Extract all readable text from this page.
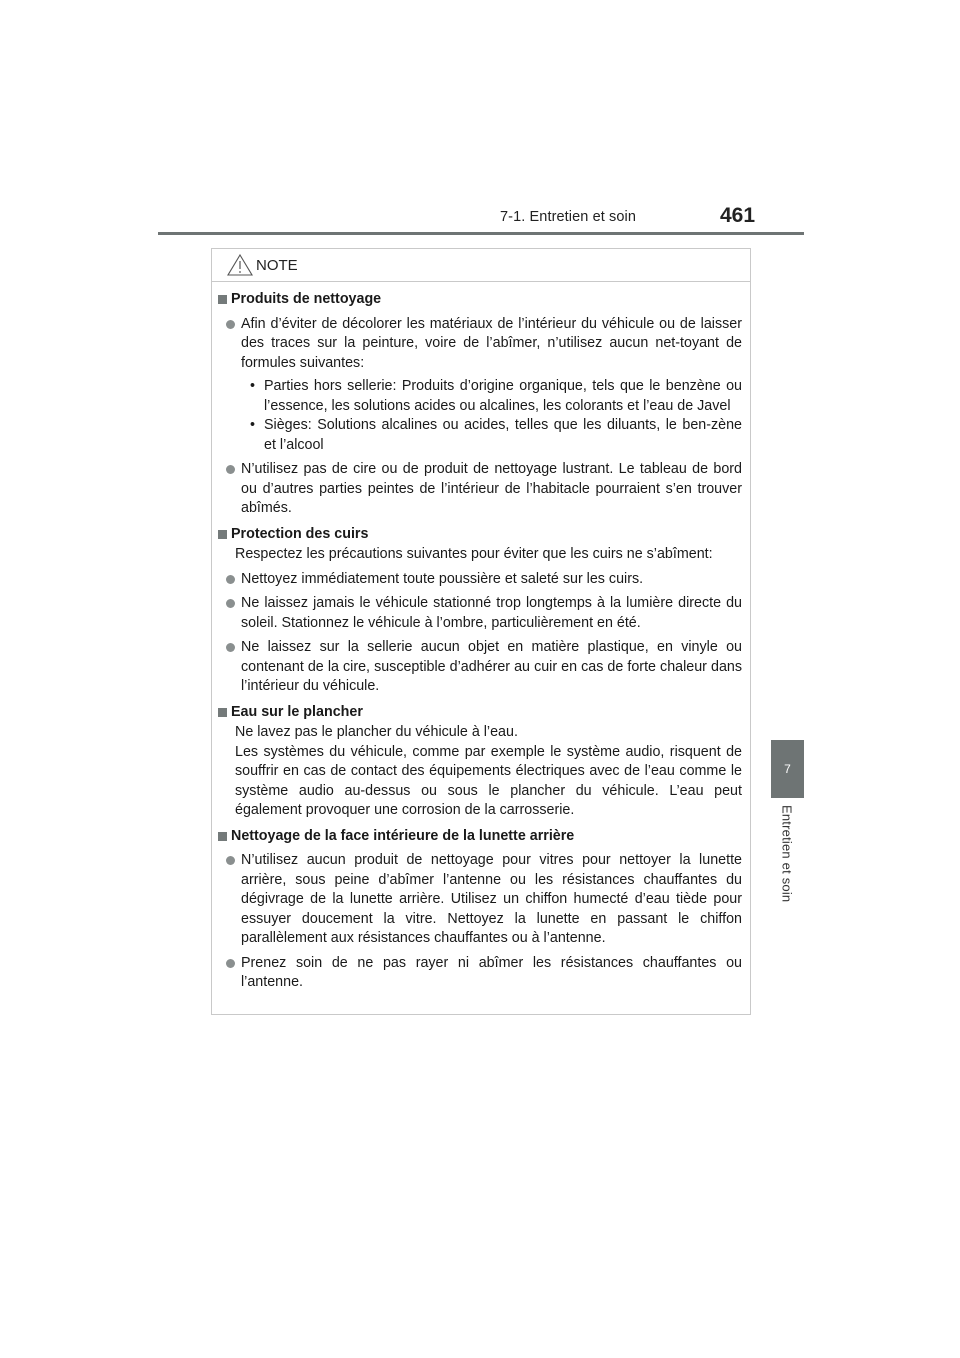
7-1. Entretien et soin	461
7
Entretien et soin
NOTE
Produits de nettoyage
Afin d’éviter de décolorer les matériaux de l’intérieur du véhicule ou de laisser des traces sur la peinture, voire de l’abîmer, n’utilisez aucun net-toyant de formules suivantes:
• Parties hors sellerie: Produits d’origine organique, tels que le benzène ou l’essence, les solutions acides ou alcalines, les colorants et l’eau de Javel
• Sièges: Solutions alcalines ou acides, telles que les diluants, le ben-zène et l’alcool
N’utilisez pas de cire ou de produit de nettoyage lustrant. Le tableau de bord ou d’autres parties peintes de l’intérieur de l’habitacle pourraient s’en trouver abîmés.
Protection des cuirs
Respectez les précautions suivantes pour éviter que les cuirs ne s’abîment:
Nettoyez immédiatement toute poussière et saleté sur les cuirs.
Ne laissez jamais le véhicule stationné trop longtemps à la lumière directe du soleil. Stationnez le véhicule à l’ombre, particulièrement en été.
Ne laissez sur la sellerie aucun objet en matière plastique, en vinyle ou contenant de la cire, susceptible d’adhérer au cuir en cas de forte chaleur dans l’intérieur du véhicule.
Eau sur le plancher
Ne lavez pas le plancher du véhicule à l’eau.
Les systèmes du véhicule, comme par exemple le système audio, risquent de souffrir en cas de contact des équipements électriques avec de l’eau comme le système audio au-dessus ou sous le plancher du véhicule. L’eau peut également provoquer une corrosion de la carrosserie.
Nettoyage de la face intérieure de la lunette arrière
N’utilisez aucun produit de nettoyage pour vitres pour nettoyer la lunette arrière, sous peine d’abîmer l’antenne ou les résistances chauffantes du dégivrage de la lunette arrière. Utilisez un chiffon humecté d’eau tiède pour essuyer doucement la vitre. Nettoyez la lunette en passant le chiffon parallèlement aux résistances chauffantes ou à l’antenne.
Prenez soin de ne pas rayer ni abîmer les résistances chauffantes ou l’antenne.
